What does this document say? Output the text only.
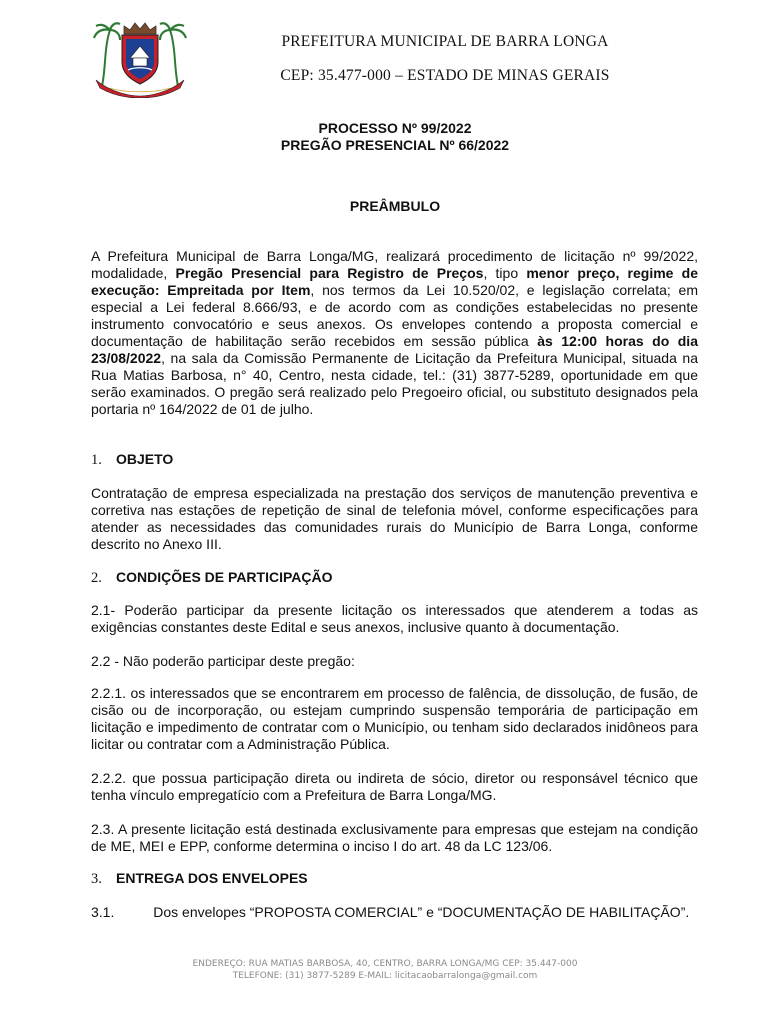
PREFEITURA MUNICIPAL DE BARRA LONGA
CEP: 35.477-000 – ESTADO DE MINAS GERAIS
PROCESSO Nº 99/2022
PREGÃO PRESENCIAL Nº 66/2022
PREÂMBULO

A Prefeitura Municipal de Barra Longa/MG, realizará procedimento de licitação nº 99/2022, modalidade, Pregão Presencial para Registro de Preços, tipo menor preço, regime de execução: Empreitada por Item, nos termos da Lei 10.520/02, e legislação correlata; em especial a Lei federal 8.666/93, e de acordo com as condições estabelecidas no presente instrumento convocatório e seus anexos. Os envelopes contendo a proposta comercial e documentação de habilitação serão recebidos em sessão pública às 12:00 horas do dia 23/08/2022, na sala da Comissão Permanente de Licitação da Prefeitura Municipal, situada na Rua Matias Barbosa, n° 40, Centro, nesta cidade, tel.: (31) 3877-5289, oportunidade em que serão examinados. O pregão será realizado pelo Pregoeiro oficial, ou substituto designados pela portaria nº 164/2022 de 01 de julho.

1. OBJETO

Contratação de empresa especializada na prestação dos serviços de manutenção preventiva e corretiva nas estações de repetição de sinal de telefonia móvel, conforme especificações para atender as necessidades das comunidades rurais do Município de Barra Longa, conforme descrito no Anexo III.

2. CONDIÇÕES DE PARTICIPAÇÃO

2.1- Poderão participar da presente licitação os interessados que atenderem a todas as exigências constantes deste Edital e seus anexos, inclusive quanto à documentação.

2.2 - Não poderão participar deste pregão:

2.2.1. os interessados que se encontrarem em processo de falência, de dissolução, de fusão, de cisão ou de incorporação, ou estejam cumprindo suspensão temporária de participação em licitação e impedimento de contratar com o Município, ou tenham sido declarados inidôneos para licitar ou contratar com a Administração Pública.

2.2.2. que possua participação direta ou indireta de sócio, diretor ou responsável técnico que tenha vínculo empregatício com a Prefeitura de Barra Longa/MG.

2.3. A presente licitação está destinada exclusivamente para empresas que estejam na condição de ME, MEI e EPP, conforme determina o inciso I do art. 48 da LC 123/06.

3. ENTREGA DOS ENVELOPES

3.1.          Dos envelopes “PROPOSTA COMERCIAL” e “DOCUMENTAÇÃO DE HABILITAÇÃO”.

ENDEREÇO: RUA MATIAS BARBOSA, 40, CENTRO, BARRA LONGA/MG CEP: 35.447-000
TELEFONE: (31) 3877-5289 E-MAIL: licitacaobarralonga@gmail.com
